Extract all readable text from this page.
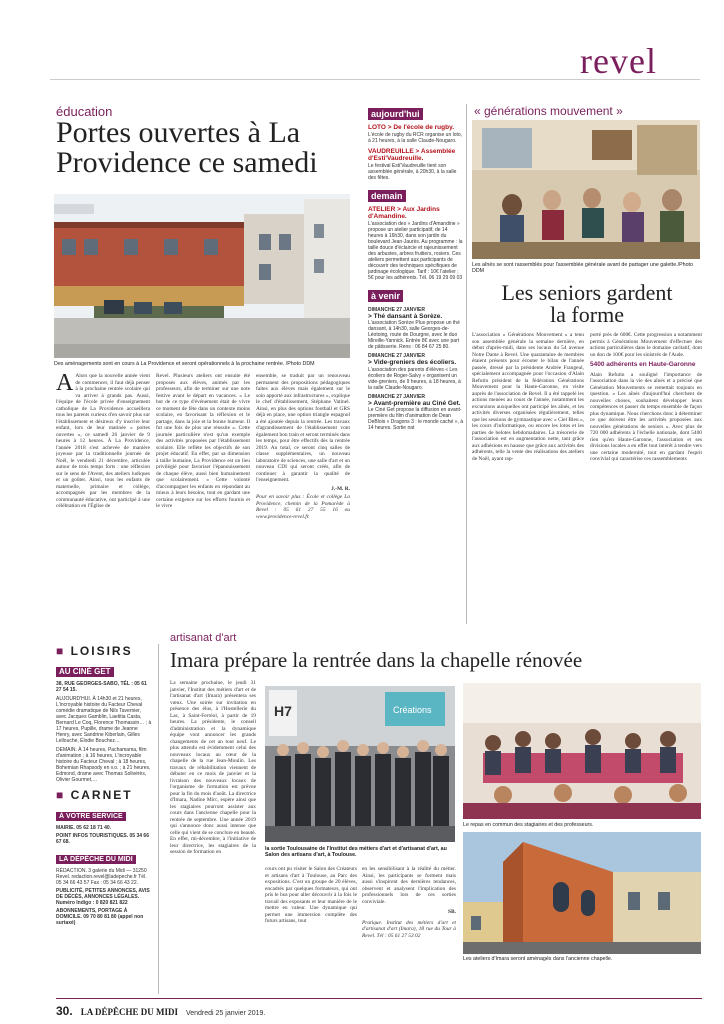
revel
éducation
Portes ouvertes à La
Providence ce samedi
Des aménagements sont en cours à La Providence et seront opérationnels à la prochaine rentrée. /Photo DDM
A Alors que la nouvelle année vient de commencer, il faut déjà penser à la prochaine rentrée scolaire qui va arriver à grands pas. Aussi, l'équipe de l'école privée d'enseignement catholique de La Providence accueillera tous les parents curieux d'en savoir plus sur l'établissement et désireux d'y inscrire leur enfant, lors de leur matinée « portes ouvertes », ce samedi 26 janvier de 9 heures à 12 heures. À La Providence, l'année 2018 s'est achevée de manière joyeuse par la traditionnelle journée de Noël, le vendredi 21 décembre, articulée autour de trois temps forts : une réflexion sur le sens de l'Avent, des ateliers ludiques et un goûter. Ainsi, tous les enfants de maternelle, primaire et collège, accompagnés par les membres de la communauté éducative, ont participé à une célébration en l'Église de
Revel. Plusieurs ateliers ont ensuite été proposés aux élèves, animés par les professeurs, afin de terminer sur une note festive avant le départ en vacances. « Le but de ce type d'événement était de vivre ce moment de fête dans un contexte moins scolaire, en favorisant la réflexion et le partage, dans la joie et la bonne humeur. Il fut une fois de plus une réussite ». Cette journée particulière n'est qu'un exemple des activités proposées par l'établissement scolaire. Elle reflète les objectifs de son projet éducatif. En effet, par sa dimension à taille humaine, La Providence est un lieu privilégié pour favoriser l'épanouissement de chaque élève, aussi bien humainement que scolairement. « Cette volonté d'accompagner les enfants en répondant au mieux à leurs besoins, tout en gardant une certaine exigence sur les efforts fournis et le vivre
ensemble, se traduit par un renouveau permanent des propositions pédagogiques faites aux élèves mais également sur le soin apporté aux infrastructures », explique le chef d'établissement, Stéphane Vatinel. Ainsi, en plus des options football et GRS déjà en place, une option triangle espagnol a été ajoutée depuis la rentrée. Les travaux d'agrandissement de l'établissement vont également bon train et seront terminés dans les temps, pour être effectifs dès la rentrée 2019. Au total, ce seront cinq salles de classe supplémentaires, un nouveau laboratoire de sciences, une salle d'art et un nouveau CDI qui seront créés, afin de continuer à garantir la qualité de l'enseignement.
J.-M. R.
Pour en savoir plus : École et collège La Providence, chemin de la Pomarède à Revel : 05 61 27 55 16 ou www.providence-revel.fr.
aujourd'hui
LOTO > De l'école de rugby.
L'école de rugby du RCR organise un loto, à 21 heures, à la salle Claude-Nougaro.
VAUDREUILLE > Assemblée d'Esti'Vaudreuille.
Le festival Esti'Vaudreuille tient son assemblée générale, à 20h30, à la salle des fêtes.
demain
ATELIER > Aux Jardins d'Amandine.
L'association des « Jardins d'Amandine » propose un atelier participatif, de 14 heures à 16h30, dans son jardin du boulevard Jean-Jaurès. Au programme : la taille douce d'éclaircie et rajeunissement des arbustes, arbres fruitiers, rosiers. Ces ateliers permettent aux participants de découvrir des techniques spécifiques de jardinage écologique. Tarif : 10€ l'atelier ; 5€ pour les adhérents. Tél. 06 19 29 09 03
à venir
DIMANCHE 27 JANVIER
> Thé dansant à Sorèze.
L'association Sorèze Plus propose un thé dansant, à 14h30, salle Georges-de-Léotoing, route de Dourgne, avec le duo Mireille-Yannick. Entrée 8€ avec une part de pâtisserie. Rens : 06 84 67 25 80.
DIMANCHE 27 JANVIER
> Vide-greniers des écoliers.
L'association des parents d'élèves « Les écoliers de Roger-Salvy » organisent un vide-greniers, de 9 heures, à 18 heures, à la salle Claude-Nougaro.
DIMANCHE 27 JANVIER
> Avant-première au Ciné Get.
Le Ciné Get propose la diffusion en avant-première du film d'animation de Dean DeBlois « Dragons 3 : le monde caché », à 14 heures. Sortie nat
« générations mouvement »
Les aînés se sont rassemblés pour l'assemblée générale avant de partager une galette./Photo DDM
Les seniors gardent
la forme
L'association « Générations Mouvement » a tenu son assemblée générale la semaine dernière, en début d'après-midi, dans ses locaux du 54 avenue Notre Dame à Revel. Une quarantaine de membres étaient présents pour écouter le bilan de l'année passée, dressé par la présidente Andrée Frangeul, spécialement accompagnée pour l'occasion d'Alain Refutin président de la fédération Générations Mouvement pour la Haute-Garonne, en visite auprès de l'association de Revel. Il a été rappelé les actions menées au cours de l'année, notamment les excursions auxquelles ont participé les aînés, et les activités diverses organisées régulièrement, telles que les sessions de gymnastique avec « Ciel Bleu », les cours d'informatique, ou encore les lotos et les parties de belotes hebdomadaires. La trésorerie de l'association est en augmentation nette, tant grâce aux adhésions en hausse que grâce aux activités des adhérents, telle la vente des réalisations des ateliers de Noël, ayant rap-
porté près de 600€. Cette progression a notamment permis à Générations Mouvement d'effectuer des actions particulières dans le domaine caritatif, dont un don de 100€ pour les sinistrés de l'Aude.
5400 adhérents en Haute-Garonne
Alain Refutin a souligné l'importance de l'association dans la vie des aînés et a précisé que Génération Mouvements se remettait toujours en question. « Les aînés d'aujourd'hui cherchent de nouvelles choses, souhaitent développer leurs compétences et passer du temps ensemble de façon plus dynamique. Nous cherchons donc à déterminer ce que doivent être les activités proposées aux nouvelles générations de seniors ». Avec plus de 720 000 adhérents à l'échelle nationale, dont 5400 rien qu'en Haute-Garonne, l'association et ses divisions locales a en effet tout intérêt à tendre vers une certaine modernité, tout en gardant l'esprit convivial qui caractérise ces rassemblements
■ LOISIRS
AU CINÉ GET
38, RUE GEORGES-SABO, TÉL : 05 61 27 54 15.
AUJOURD'HUI. À 14h30 et 21 heures, L'incroyable histoire du Facteur Cheval comédie dramatique de Nils Tavernier, avec Jacques Gamblin, Laetitia Casta, Bernard Le Coq, Florence Thomassin… ; à 17 heures, Pupille, drame de Jeanne Henry, avec Sandrine Kiberlain, Gilles Lellouche, Élodie Bouchez…
DEMAIN. À 14 heures, Pachamama, film d'animation ; à 16 heures, L'incroyable histoire du Facteur Cheval ; à 18 heures, Bohemian Rhapsody en v.o. ; à 21 heures, Edmond, drame avec Thomas Solivérès, Olivier Gourmet,…
■ CARNET
À VOTRE SERVICE
MAIRIE. 05 62 18 71 40.
POINT INFOS TOURISTIQUES. 05 34 66 67 68.
LA DÉPÊCHE DU MIDI
RÉDACTION. 3 galerie du Midi — 31250 Revel. redaction.revel@ladepeche.fr Tél. 05 34 66 43 57 Fax : 05 34 66 43 22.
PUBLICITÉ, PETITES ANNONCES, AVIS DE DÉCÈS, ANNONCES LÉGALES. Numéro Indigo : 0 820 821 822
ABONNEMENTS, PORTAGE À DOMICILE. 09 70 80 81 80 (appel non surtaxé)
artisanat d'art
Imara prépare la rentrée dans la chapelle rénovée
La semaine prochaine, le jeudi 31 janvier, l'Institut des métiers d'art et de l'artisanat d'art (Imara) présentera ses vœux. Une soirée sur invitation en présence des élus, à l'Hostellerie du Lac, à Saint-Ferréol, à partir de 19 heures. La présidente, le conseil d'administration et la dynamique équipe vont annoncer les grands changements de cet an tout neuf. Le plus attendu est évidemment celui des nouveaux locaux au cœur de la chapelle de la rue Jean-Moulin. Les travaux de réhabilitation viennent de débuter en ce mois de janvier et la livraison des nouveaux locaux de l'organisme de formation est prévue pour la fin du mois d'août. La directrice d'Imara, Nadine Mirc, espère ainsi que les stagiaires pourront assister aux cours dans l'ancienne chapelle pour la rentrée de septembre. Une année 2019 qui s'annonce donc aussi intense que celle qui vient de se conclure en beauté. En effet, mi-décembre, à l'initiative de leur directrice, les stagiaires de la session de formation en
H7	Créations
la sortie Toulousaine de l'Institut des métiers d'art et d'artisanat d'art, au Salon des artisans d'art, à Toulouse.
cours ont pu visiter le Salon des Créateurs et artisans d'art à Toulouse, au Parc des expositions. C'est un groupe de 20 élèves, encadrés par quelques formateurs, qui ont pris le bus pour aller découvrir à la fois le travail des exposants et leur manière de le mettre en valeur. Une dynamique qui permet une immersion complète des futurs artisans, tout
en les sensibilisant à la réalité du métier. Ainsi, les participants se forment mais aussi s'inspirent des dernières tendances, observent et analysent l'implication des professionnels lors de ces sorties conviviale.
SB.
Pratique. Institut des métiers d'art et d'artisanat d'art (Imara), 18 rue du Tour à Revel. Tél : 05 61 27 53 02
Le repas en commun des stagiaires et des professeurs.
Les ateliers d'Imara seront aménagés dans l'ancienne chapelle.
30. LA DÉPÊCHE DU MIDI Vendredi 25 janvier 2019.
